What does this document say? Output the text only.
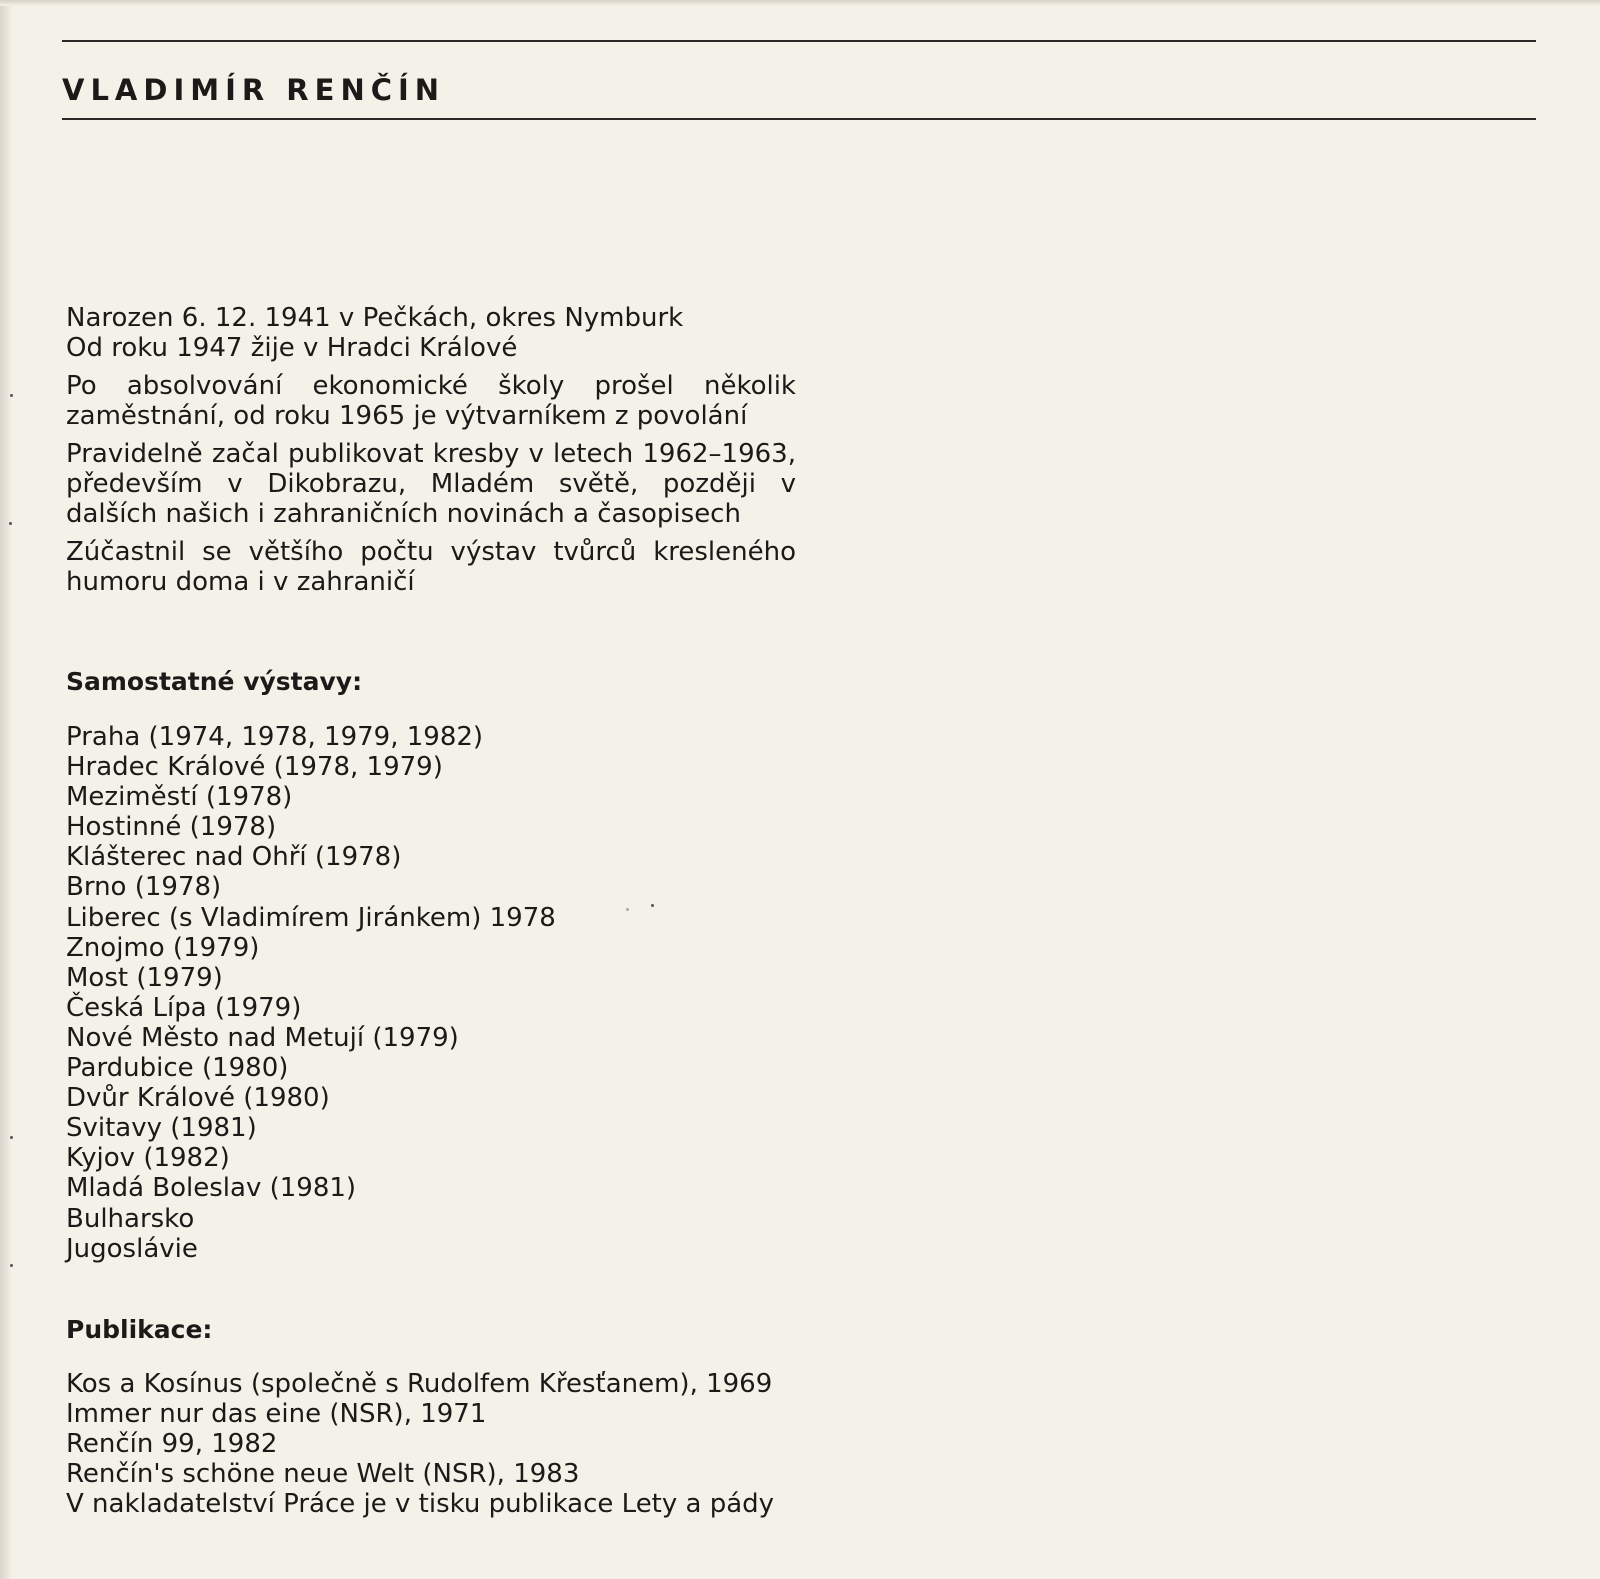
VLADIMÍR RENČÍN

Narozen 6. 12. 1941 v Pečkách, okres Nymburk

Od roku 1947 žije v Hradci Králové

Po absolvování ekonomické školy prošel několik zaměstnání, od roku 1965 je výtvarníkem z povolání

Pravidelně začal publikovat kresby v letech 1962–1963, především v Dikobrazu, Mladém světě, později v dalších našich i zahraničních novinách a časopisech

Zúčastnil se většího počtu výstav tvůrců kresleného humoru doma i v zahraničí

Samostatné výstavy:
Praha (1974, 1978, 1979, 1982)
Hradec Králové (1978, 1979)
Meziměstí (1978)
Hostinné (1978)
Klášterec nad Ohří (1978)
Brno (1978)
Liberec (s Vladimírem Jiránkem) 1978
Znojmo (1979)
Most (1979)
Česká Lípa (1979)
Nové Město nad Metují (1979)
Pardubice (1980)
Dvůr Králové (1980)
Svitavy (1981)
Kyjov (1982)
Mladá Boleslav (1981)
Bulharsko
Jugoslávie
Publikace:
Kos a Kosínus (společně s Rudolfem Křesťanem), 1969
Immer nur das eine (NSR), 1971
Renčín 99, 1982
Renčín's schöne neue Welt (NSR), 1983
V nakladatelství Práce je v tisku publikace Lety a pády
